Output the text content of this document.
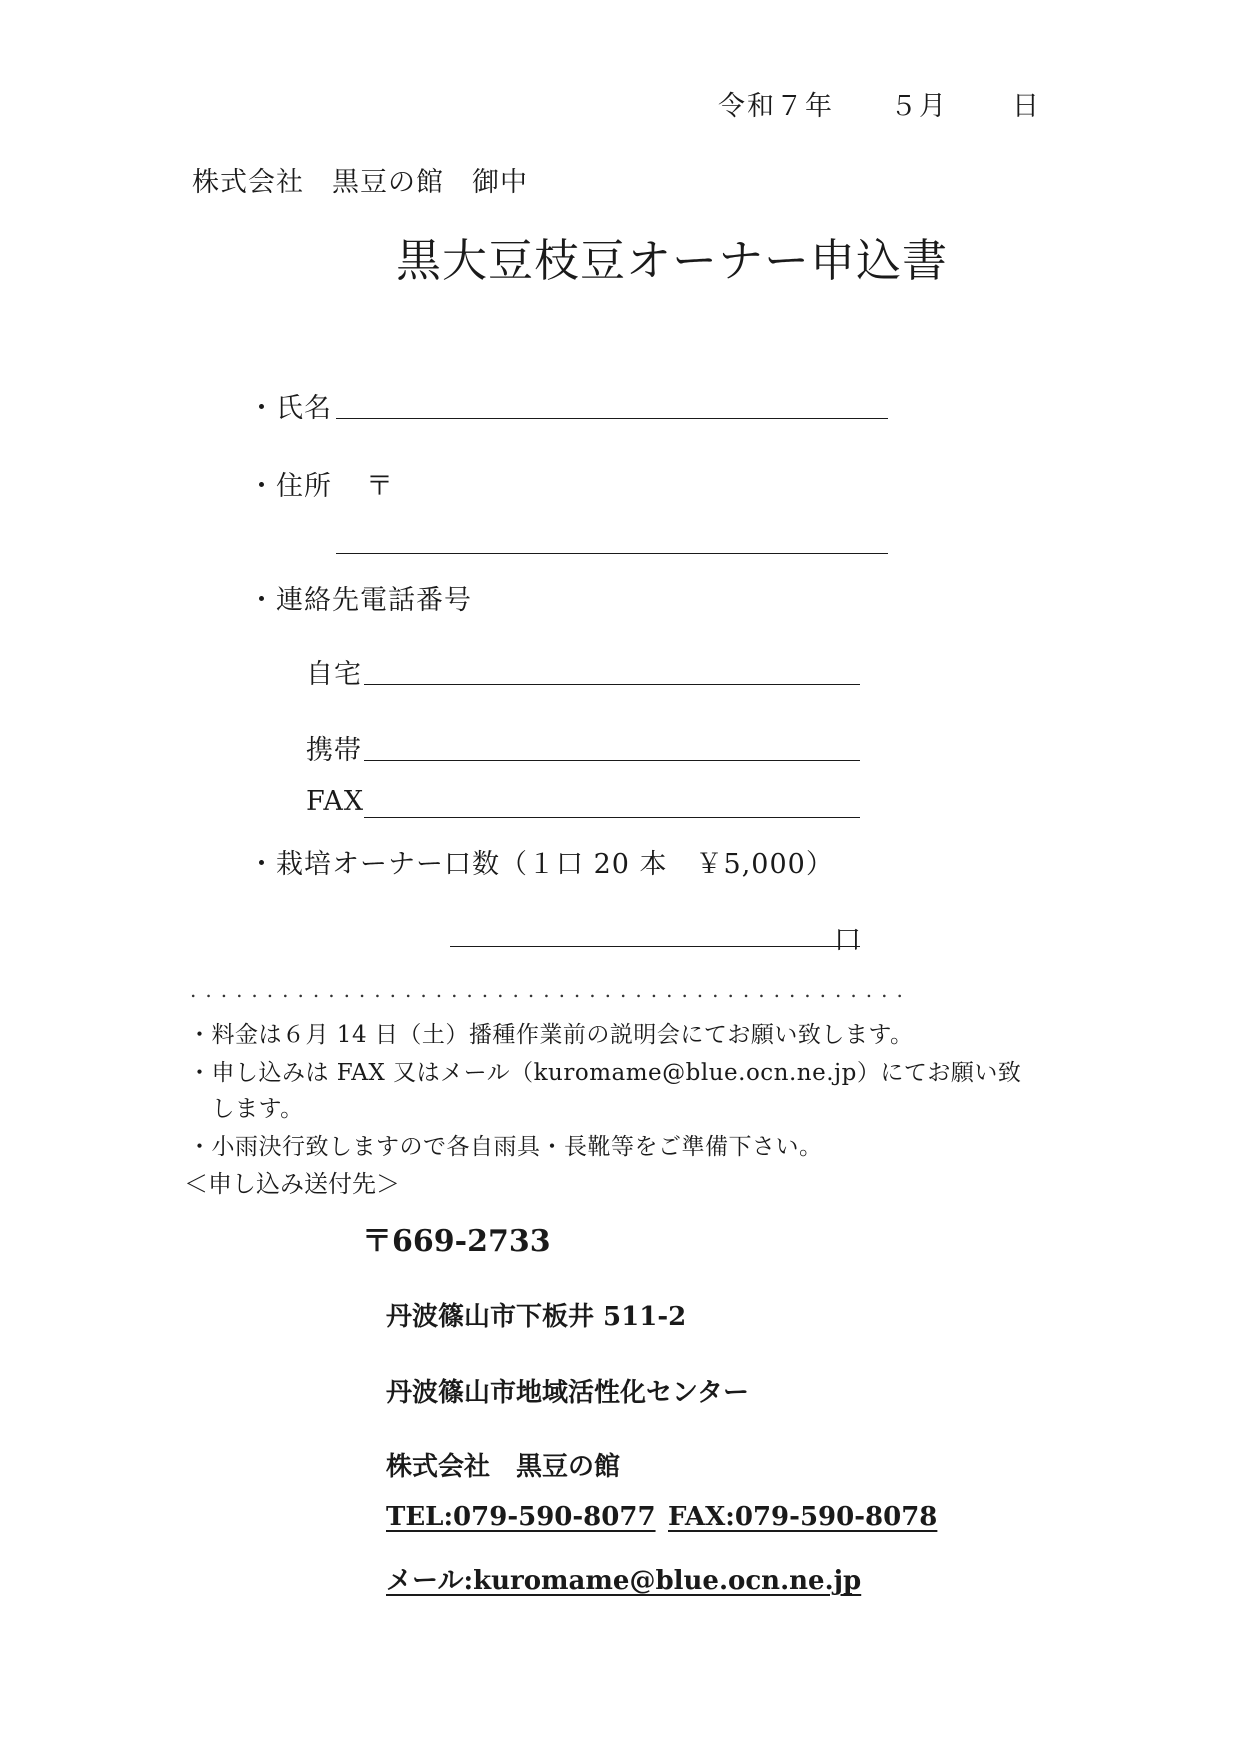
令和７年 ５月 日
株式会社　黒豆の館　御中
黒大豆枝豆オーナー申込書
・氏名
・住所 〒
・連絡先電話番号
自宅
携帯
FAX
・栽培オーナー口数（１口 20 本　￥5,000）
口
...............................................
・料金は６月 14 日（土）播種作業前の説明会にてお願い致します。
・申し込みは FAX 又はメール（kuromame@blue.ocn.ne.jp）にてお願い致
　します。
・小雨決行致しますので各自雨具・長靴等をご準備下さい。
＜申し込み送付先＞
〒669-2733
丹波篠山市下板井 511-2
丹波篠山市地域活性化センター
株式会社　黒豆の館
TEL:079-590-8077 FAX:079-590-8078
メール:kuromame@blue.ocn.ne.jp
